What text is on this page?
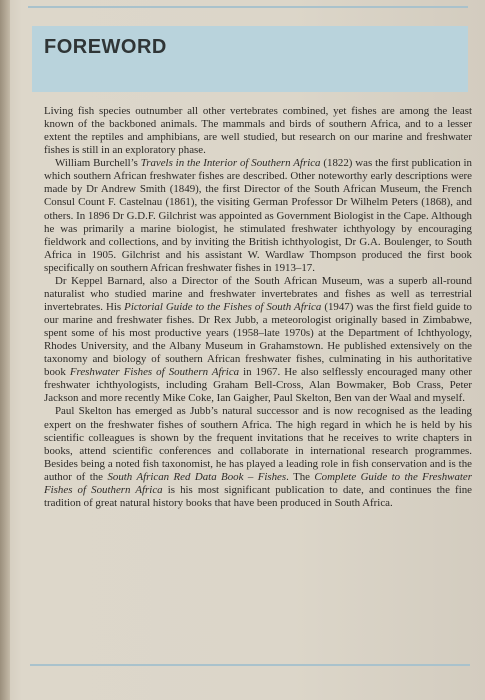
FOREWORD

Living fish species outnumber all other vertebrates combined, yet fishes are among the least known of the backboned animals. The mammals and birds of southern Africa, and to a lesser extent the reptiles and amphibians, are well studied, but research on our marine and freshwater fishes is still in an exploratory phase.

William Burchell’s Travels in the Interior of Southern Africa (1822) was the first publication in which southern African freshwater fishes are described. Other noteworthy early descriptions were made by Dr Andrew Smith (1849), the first Director of the South African Museum, the French Consul Count F. Castelnau (1861), the visiting German Professor Dr Wilhelm Peters (1868), and others. In 1896 Dr G.D.F. Gilchrist was appointed as Government Biologist in the Cape. Although he was primarily a marine biologist, he stimulated freshwater ichthyology by encouraging fieldwork and collections, and by inviting the British ichthyologist, Dr G.A. Boulenger, to South Africa in 1905. Gilchrist and his assistant W. Wardlaw Thompson produced the first book specifically on southern African freshwater fishes in 1913–17.

Dr Keppel Barnard, also a Director of the South African Museum, was a superb all-round naturalist who studied marine and freshwater invertebrates and fishes as well as terrestrial invertebrates. His Pictorial Guide to the Fishes of South Africa (1947) was the first field guide to our marine and freshwater fishes. Dr Rex Jubb, a meteorologist originally based in Zimbabwe, spent some of his most productive years (1958–late 1970s) at the Department of Ichthyology, Rhodes University, and the Albany Museum in Grahamstown. He published extensively on the taxonomy and biology of southern African freshwater fishes, culminating in his authoritative book Freshwater Fishes of Southern Africa in 1967. He also selflessly encouraged many other freshwater ichthyologists, including Graham Bell-Cross, Alan Bowmaker, Bob Crass, Peter Jackson and more recently Mike Coke, Ian Gaigher, Paul Skelton, Ben van der Waal and myself.

Paul Skelton has emerged as Jubb’s natural successor and is now recognised as the leading expert on the freshwater fishes of southern Africa. The high regard in which he is held by his scientific colleagues is shown by the frequent invitations that he receives to write chapters in books, attend scientific conferences and collaborate in international research programmes. Besides being a noted fish taxonomist, he has played a leading role in fish conservation and is the author of the South African Red Data Book – Fishes. The Complete Guide to the Freshwater Fishes of Southern Africa is his most significant publication to date, and continues the fine tradition of great natural history books that have been produced in South Africa.
